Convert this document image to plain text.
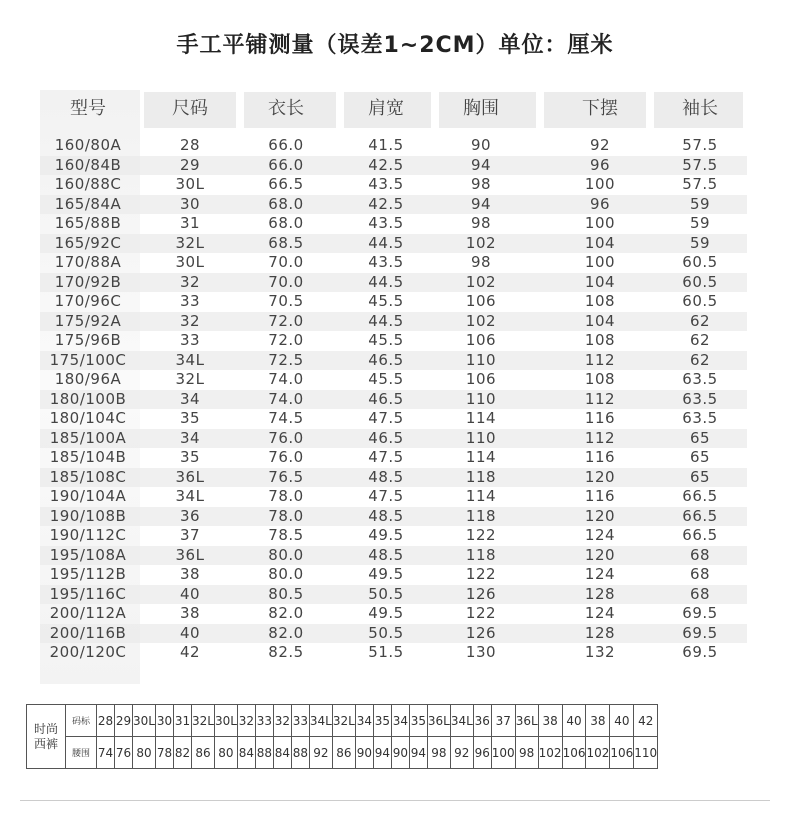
手工平铺测量（误差1~2CM）单位：厘米
160/80A	28	66.0	41.5	90	92	57.5
160/84B	29	66.0	42.5	94	96	57.5
160/88C	30L	66.5	43.5	98	100	57.5
165/84A	30	68.0	42.5	94	96	59
165/88B	31	68.0	43.5	98	100	59
165/92C	32L	68.5	44.5	102	104	59
170/88A	30L	70.0	43.5	98	100	60.5
170/92B	32	70.0	44.5	102	104	60.5
170/96C	33	70.5	45.5	106	108	60.5
175/92A	32	72.0	44.5	102	104	62
175/96B	33	72.0	45.5	106	108	62
175/100C	34L	72.5	46.5	110	112	62
180/96A	32L	74.0	45.5	106	108	63.5
180/100B	34	74.0	46.5	110	112	63.5
180/104C	35	74.5	47.5	114	116	63.5
185/100A	34	76.0	46.5	110	112	65
185/104B	35	76.0	47.5	114	116	65
185/108C	36L	76.5	48.5	118	120	65
190/104A	34L	78.0	47.5	114	116	66.5
190/108B	36	78.0	48.5	118	120	66.5
190/112C	37	78.5	49.5	122	124	66.5
195/108A	36L	80.0	48.5	118	120	68
195/112B	38	80.0	49.5	122	124	68
195/116C	40	80.5	50.5	126	128	68
200/112A	38	82.0	49.5	122	124	69.5
200/116B	40	82.0	50.5	126	128	69.5
200/120C	42	82.5	51.5	130	132	69.5
型号	尺码	衣长	肩宽	胸围	下摆	袖长
时尚
西裤	码标	28	29	30L	30	31	32L	30L	32	33	32	33	34L	32L	34	35	34	35	36L	34L	36	37	36L	38	40	38	40	42
	腰围	74	76	80	78	82	86	80	84	88	84	88	92	86	90	94	90	94	98	92	96	100	98	102	106	102	106	110
